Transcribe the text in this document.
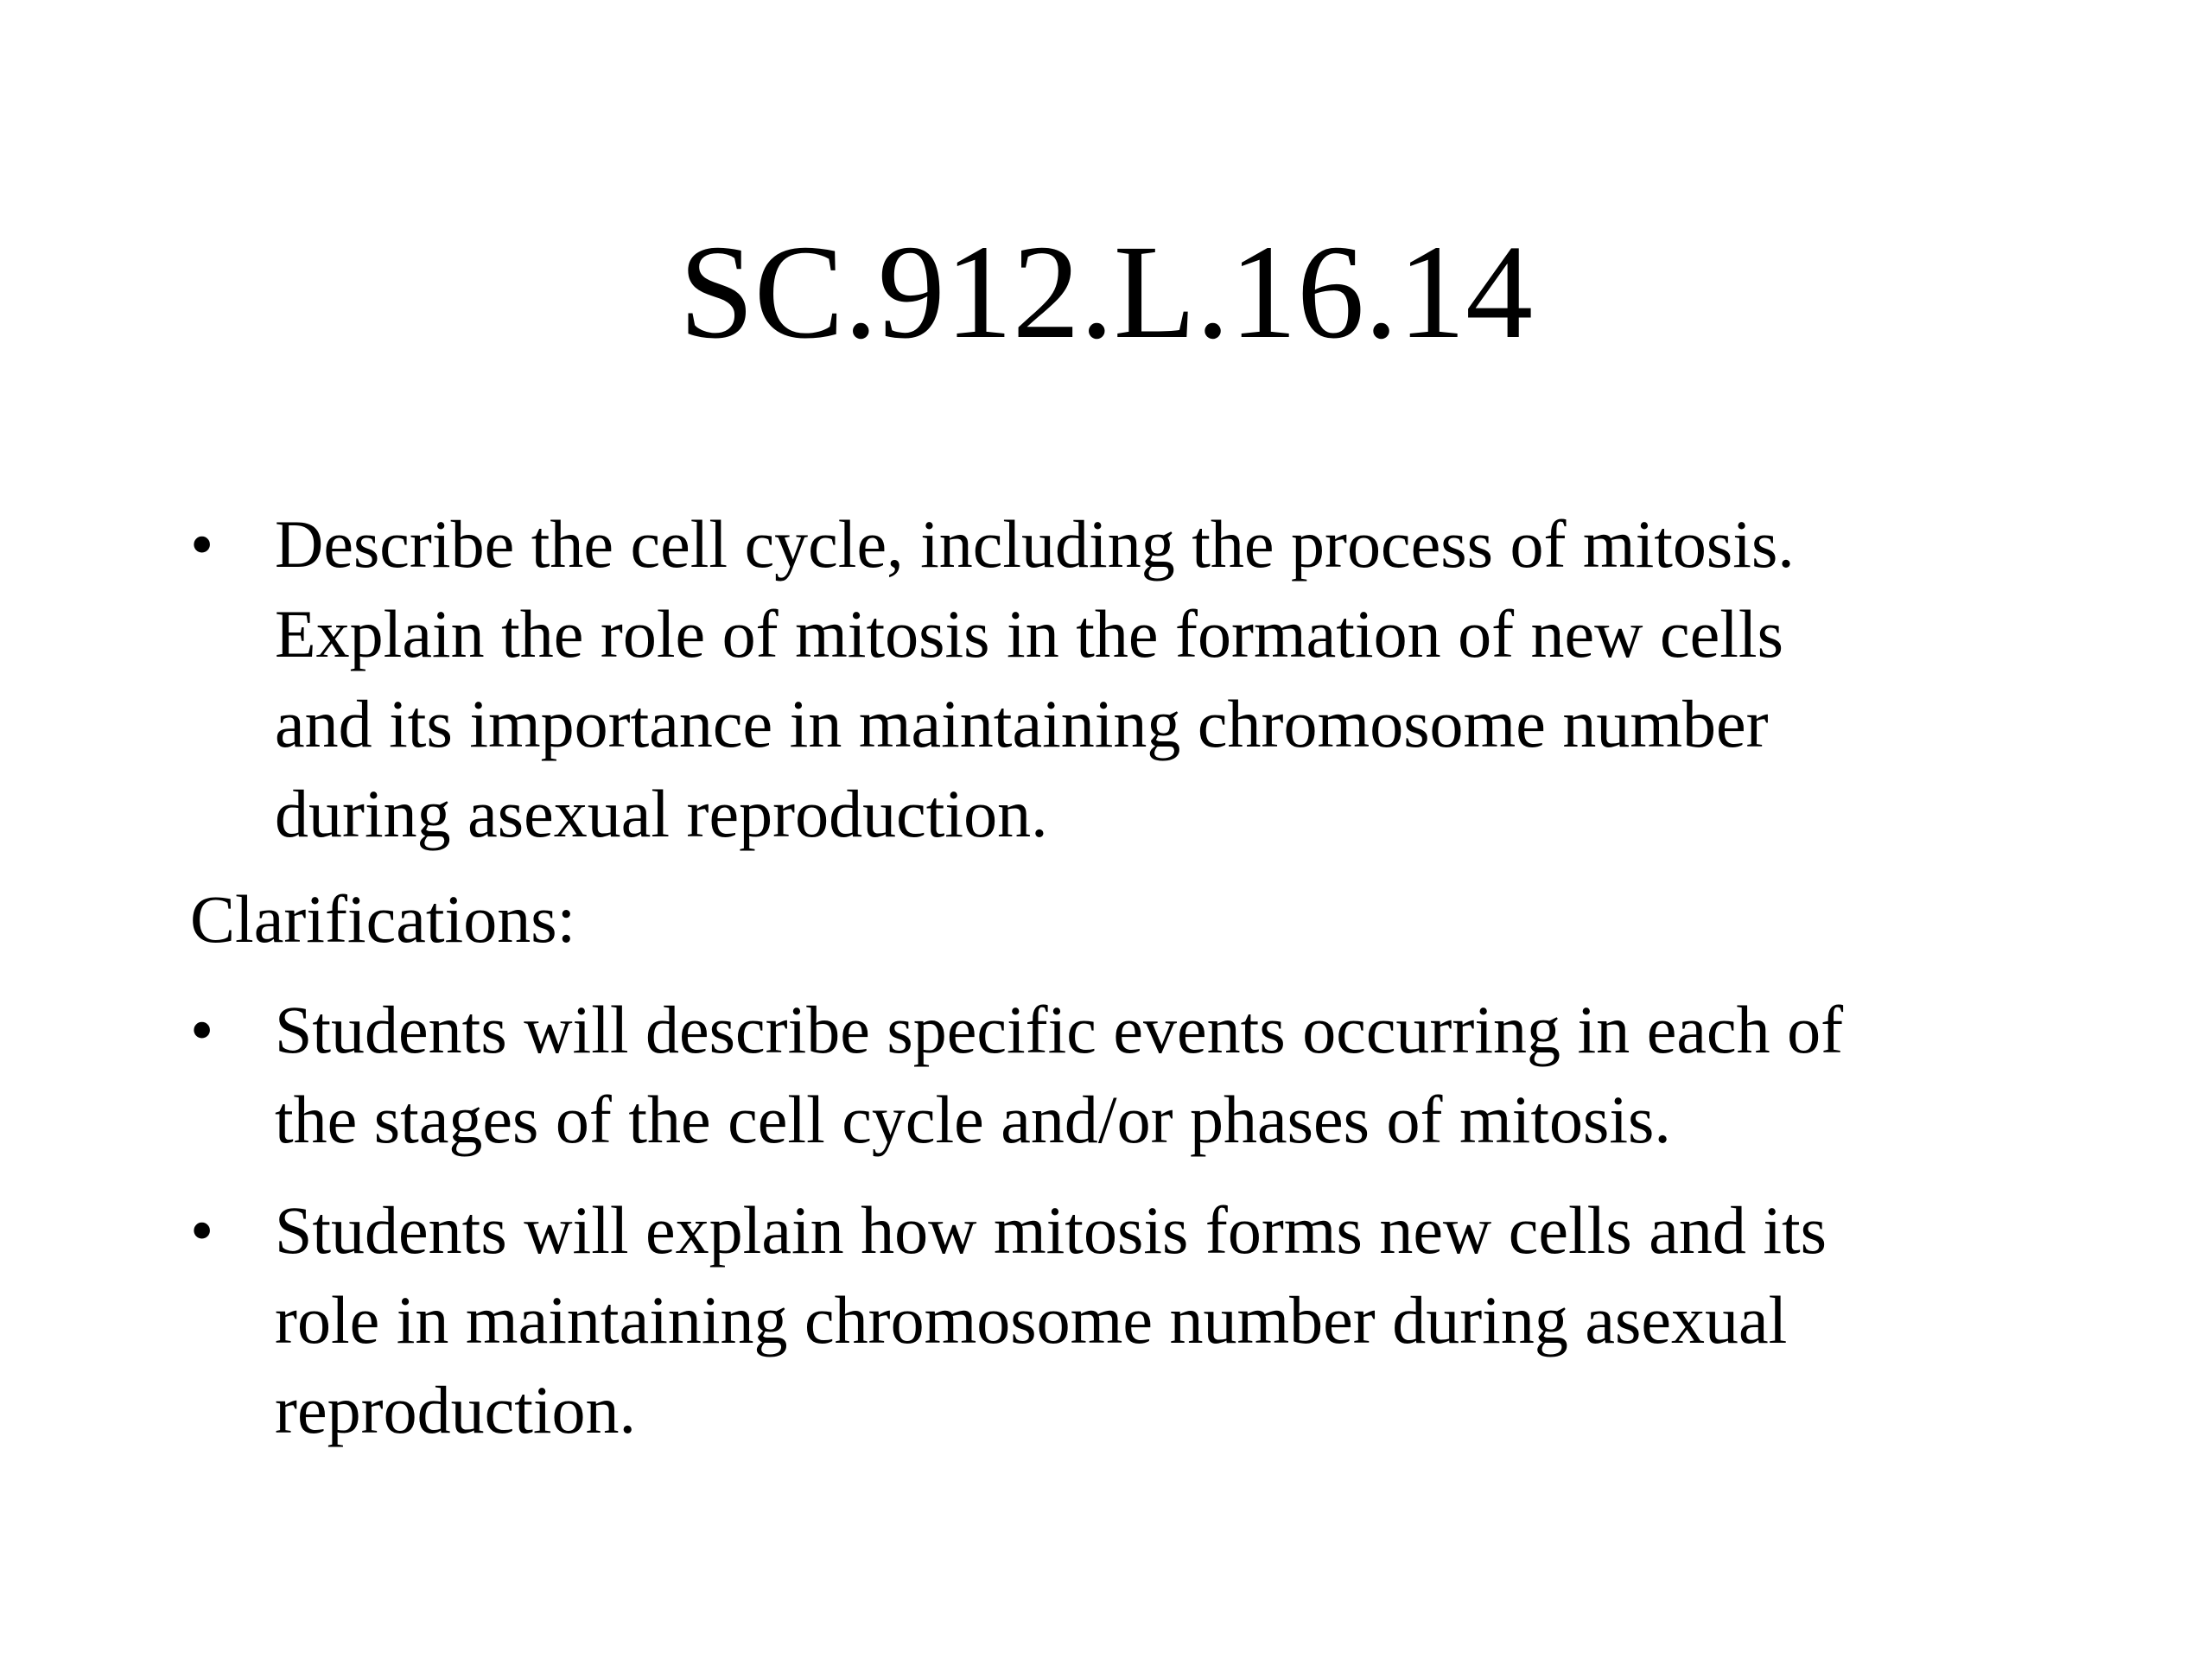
SC.912.L.16.14
• Describe the cell cycle, including the process of mitosis.
Explain the role of mitosis in the formation of new cells
and its importance in maintaining chromosome number
during asexual reproduction.
Clarifications:
• Students will describe specific events occurring in each of
the stages of the cell cycle and/or phases of mitosis.
• Students will explain how mitosis forms new cells and its
role in maintaining chromosome number during asexual
reproduction.
